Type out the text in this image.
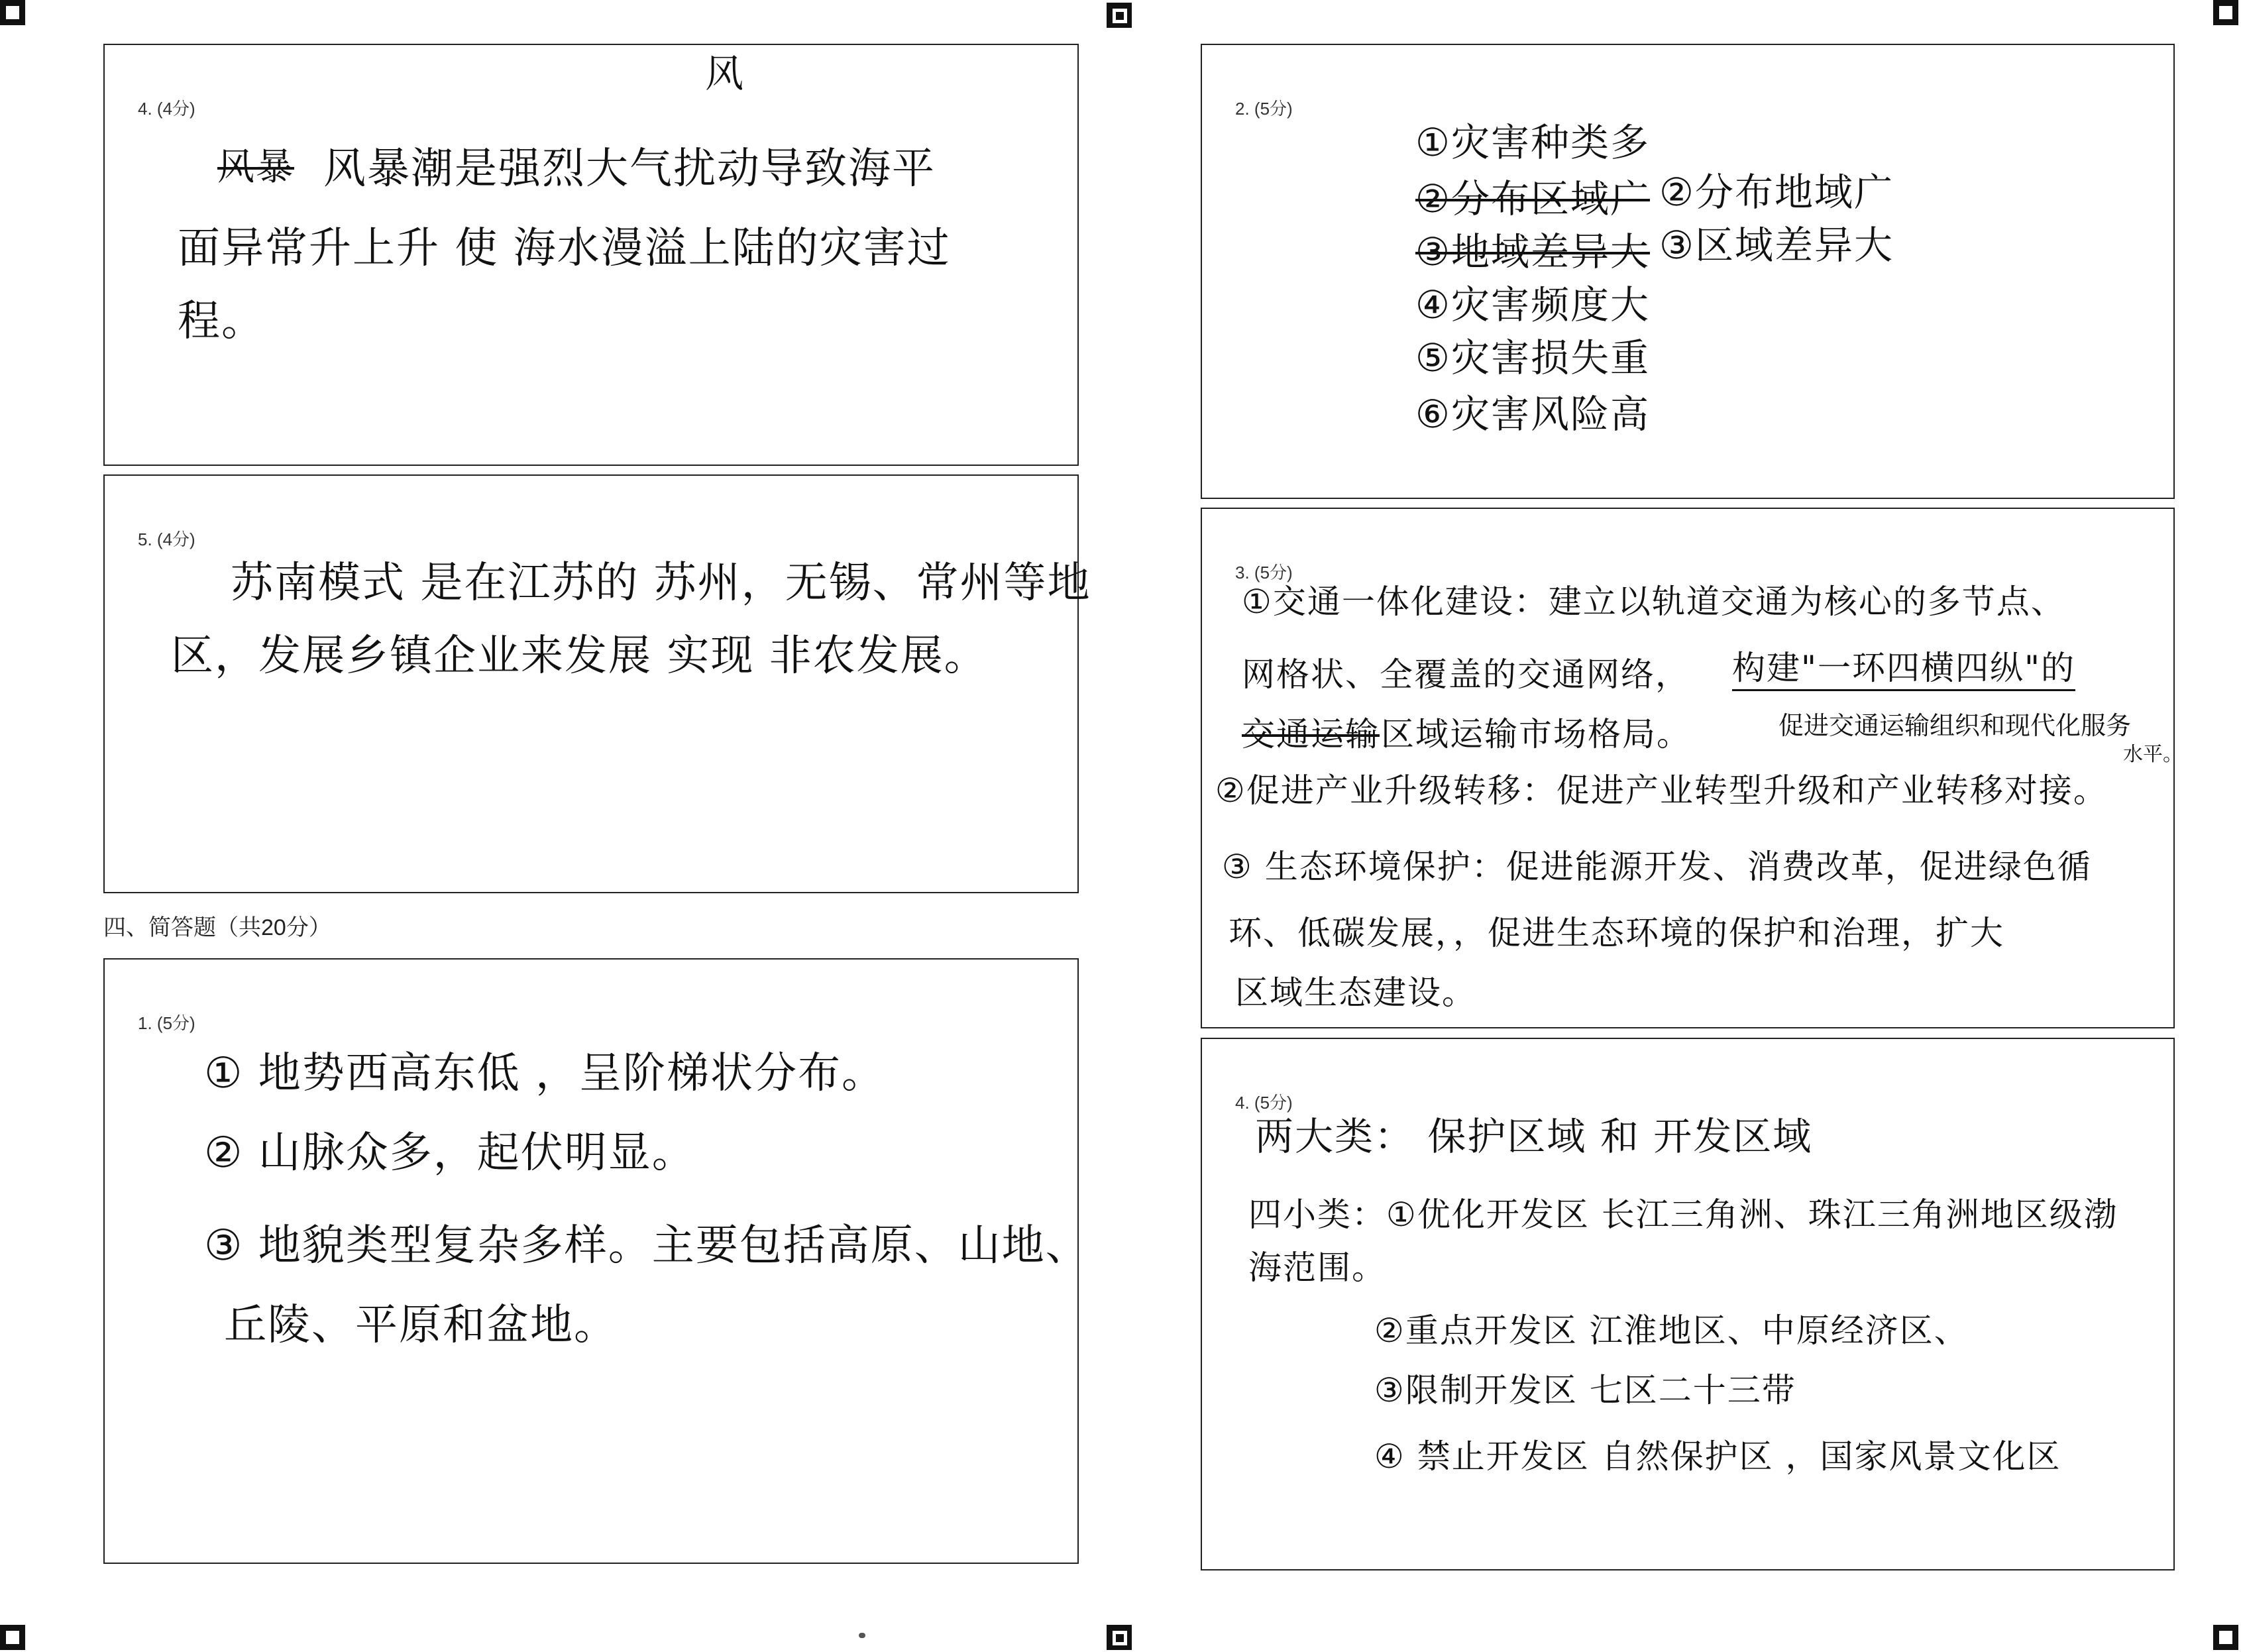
4. (4分)
风
风暴 风暴潮是强烈大气扰动导致海平
面异常升上升 使 海水漫溢上陆的灾害过
程。
5. (4分)
苏南模式 是在江苏的 苏州，无锡、常州等地
区，发展乡镇企业来发展 实现 非农发展。
四、简答题（共20分）
1. (5分)
① 地势西高东低 ，呈阶梯状分布。
② 山脉众多，起伏明显。
③ 地貌类型复杂多样。主要包括高原、山地、
丘陵、平原和盆地。
2. (5分)
①灾害种类多
②分布区域广 ②分布地域广
③地域差异大 ③区域差异大
④灾害频度大
⑤灾害损失重
⑥灾害风险高
3. (5分)
①交通一体化建设：建立以轨道交通为核心的多节点、
网格状、全覆盖的交通网络， 构建"一环四横四纵"的
交通运输 区域运输市场格局。	促进交通运输组织和现代化服务
水平。
②促进产业升级转移：促进产业转型升级和产业转移对接。
③ 生态环境保护：促进能源开发、消费改革，促进绿色循
环、低碳发展，，促进生态环境的保护和治理，扩大
区域生态建设。
4. (5分)
两大类： 保护区域 和 开发区域
四小类：①优化开发区 长江三角洲、珠江三角洲地区级渤
海范围。
②重点开发区 江淮地区、中原经济区、
③限制开发区 七区二十三带
④ 禁止开发区 自然保护区 ，国家风景文化区
